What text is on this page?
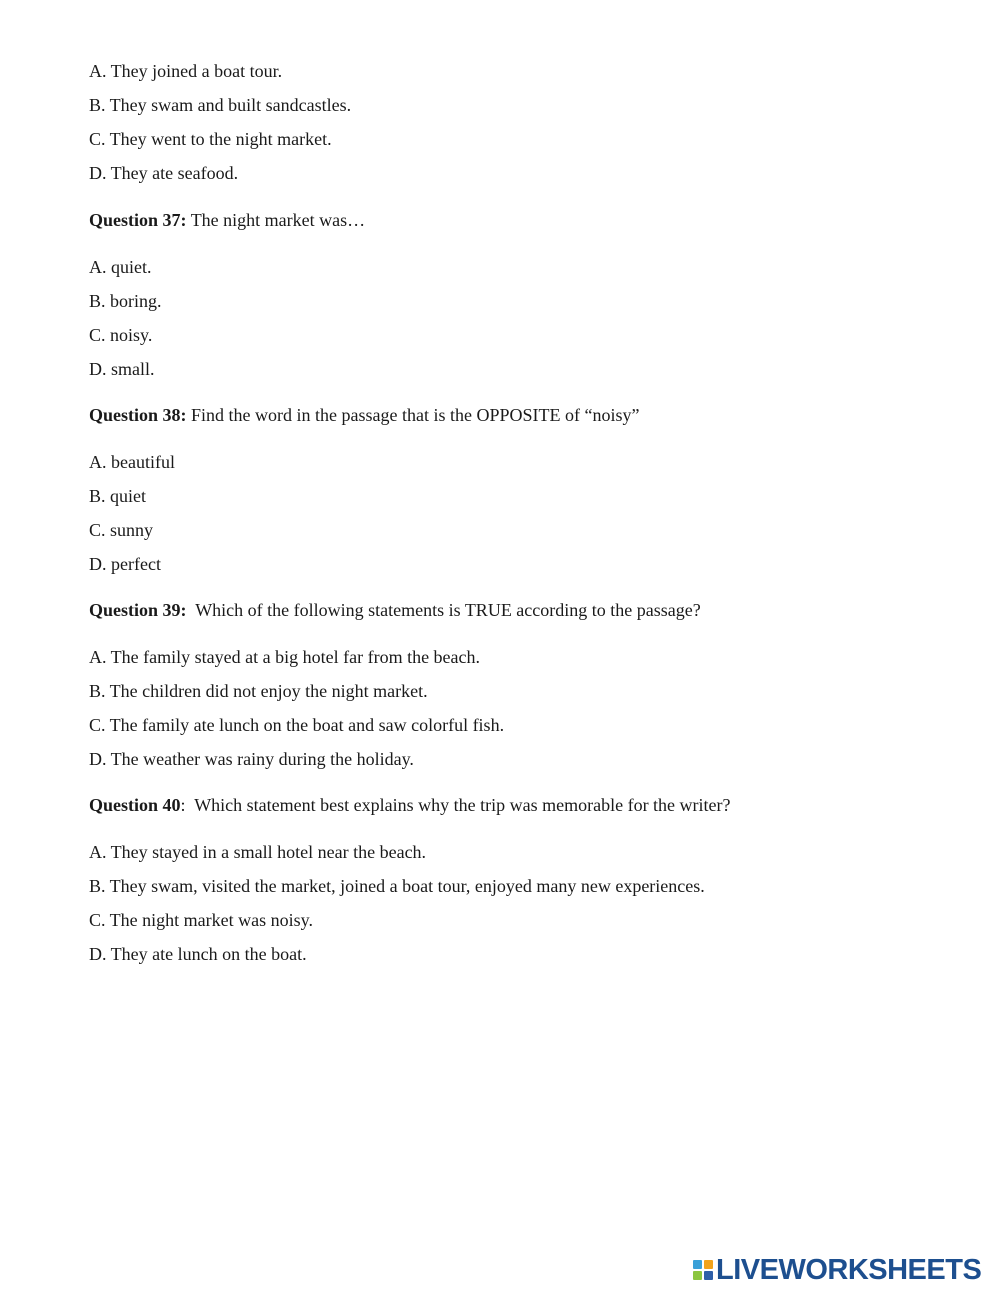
A. They joined a boat tour.
B. They swam and built sandcastles.
C. They went to the night market.
D. They ate seafood.
Question 37: The night market was…
A. quiet.
B. boring.
C. noisy.
D. small.
Question 38: Find the word in the passage that is the OPPOSITE of “noisy”
A. beautiful
B. quiet
C. sunny
D. perfect
Question 39:  Which of the following statements is TRUE according to the passage?
A. The family stayed at a big hotel far from the beach.
B. The children did not enjoy the night market.
C. The family ate lunch on the boat and saw colorful fish.
D. The weather was rainy during the holiday.
Question 40:  Which statement best explains why the trip was memorable for the writer?
A. They stayed in a small hotel near the beach.
B. They swam, visited the market, joined a boat tour, enjoyed many new experiences.
C. The night market was noisy.
D. They ate lunch on the boat.
LIVEWORKSHEETS
